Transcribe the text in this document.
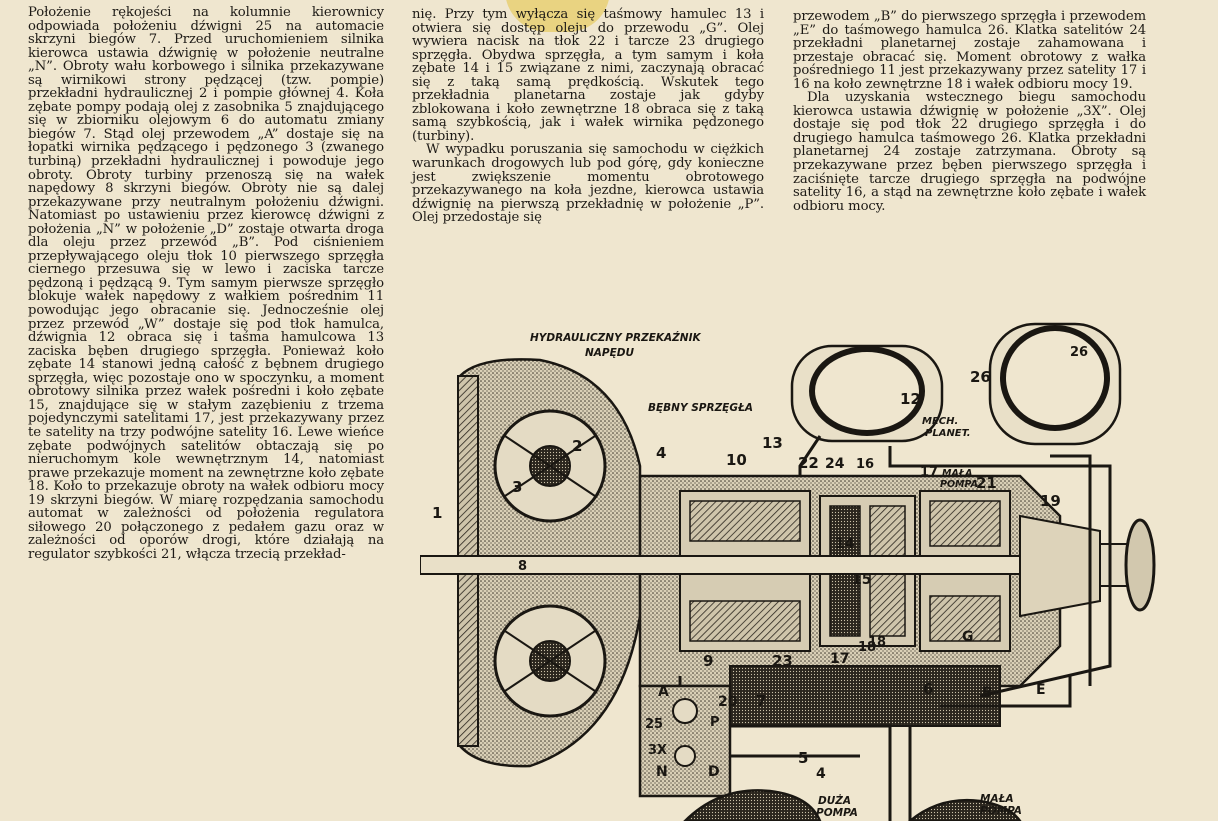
Położenie rękojeści na kolumnie kierownicy odpowiada położeniu dźwigni 25 na automacie skrzyni biegów 7. Przed uruchomieniem silnika kierowca ustawia dźwignię w położenie neutralne „N”. Obroty wału korbowego i silnika przekazywane są wirnikowi strony pędzącej (tzw. pompie) przekładni hydraulicznej 2 i pompie głównej 4. Koła zębate pompy podają olej z zasobnika 5 znajdującego się w zbiorniku olejowym 6 do automatu zmiany biegów 7. Stąd olej przewodem „A” dostaje się na łopatki wirnika pędzącego i pędzonego 3 (zwanego turbiną) przekładni hydraulicznej i powoduje jego obroty. Obroty turbiny przenoszą się na wałek napędowy 8 skrzyni biegów. Obroty nie są dalej przekazywane przy neutralnym położeniu dźwigni. Natomiast po ustawieniu przez kierowcę dźwigni z położenia „N” w położenie „D” zostaje otwarta droga dla oleju przez przewód „B”. Pod ciśnieniem przepływającego oleju tłok 10 pierwszego sprzęgła ciernego przesuwa się w lewo i zaciska tarcze pędzoną i pędzącą 9. Tym samym pierwsze sprzęgło blokuje wałek napędowy z wałkiem pośrednim 11 powodując jego obracanie się. Jednocześnie olej przez przewód „W” dostaje się pod tłok hamulca, dźwignia 12 obraca się i taśma hamulcowa 13 zaciska bęben drugiego sprzęgła. Ponieważ koło zębate 14 stanowi jedną całość z bębnem drugiego sprzęgła, więc pozostaje ono w spoczynku, a moment obrotowy silnika przez wałek pośredni i koło zębate 15, znajdujące się w stałym zazębieniu z trzema pojedynczymi satelitami 17, jest przekazywany przez te satelity na trzy podwójne satelity 16. Lewe wieńce zębate podwójnych satelitów obtaczają się po nieruchomym kole wewnętrznym 14, natomiast prawe przekazuje moment na zewnętrzne koło zębate 18. Koło to przekazuje obroty na wałek odbioru mocy 19 skrzyni biegów. W miarę rozpędzania samochodu automat w zależności od położenia regulatora siłowego 20 połączonego z pedałem gazu oraz w zależności od oporów drogi, które działają na regulator szybkości 21, włącza trzecią przekład-

nię. Przy tym wyłącza się taśmowy hamulec 13 i otwiera się dostęp oleju do przewodu „G”. Olej wywiera nacisk na tłok 22 i tarcze 23 drugiego sprzęgła. Obydwa sprzęgła, a tym samym i koła zębate 14 i 15 związane z nimi, zaczynają obracać się z taką samą prędkością. Wskutek tego przekładnia planetarna zostaje jak gdyby zblokowana i koło zewnętrzne 18 obraca się z taką samą szybkością, jak i wałek wirnika pędzonego (turbiny).

W wypadku poruszania się samochodu w ciężkich warunkach drogowych lub pod górę, gdy konieczne jest zwiększenie momentu obrotowego przekazywanego na koła jezdne, kierowca ustawia dźwignię na pierwszą przekładnię w położenie „P”. Olej przedostaje się

przewodem „B” do pierwszego sprzęgła i przewodem „E” do taśmowego hamulca 26. Klatka satelitów 24 przekładni planetarnej zostaje zahamowana i przestaje obracać się. Moment obrotowy z wałka pośredniego 11 jest przekazywany przez satelity 17 i 16 na koło zewnętrzne 18 i wałek odbioru mocy 19.

Dla uzyskania wstecznego biegu samochodu kierowca ustawia dźwignię w położenie „3X”. Olej dostaje się pod tłok 22 drugiego sprzęgła i do drugiego hamulca taśmowego 26. Klatka przekładni planetarnej 24 zostaje zatrzymana. Obroty są przekazywane przez bęben pierwszego sprzęgła i zaciśnięte tarcze drugiego sprzęgła na podwójne satelity 16, a stąd na zewnętrzne koło zębate i wałek odbioru mocy.

HYDRAULICZNY PRZEKAŹNIK
NAPĘDU
BĘBNY SPRZĘGŁA
MECH.
PLANET.
MAŁA
POMPA
DUŻA
POMPA
MAŁA
POMPA
1
2
3
4
5
6
7
8
9
10
12
13
14
15
16
17
18
19
20
21
22
23
24
25
26
4
17
18
26
A	B
D
E
G
N
P
3X
